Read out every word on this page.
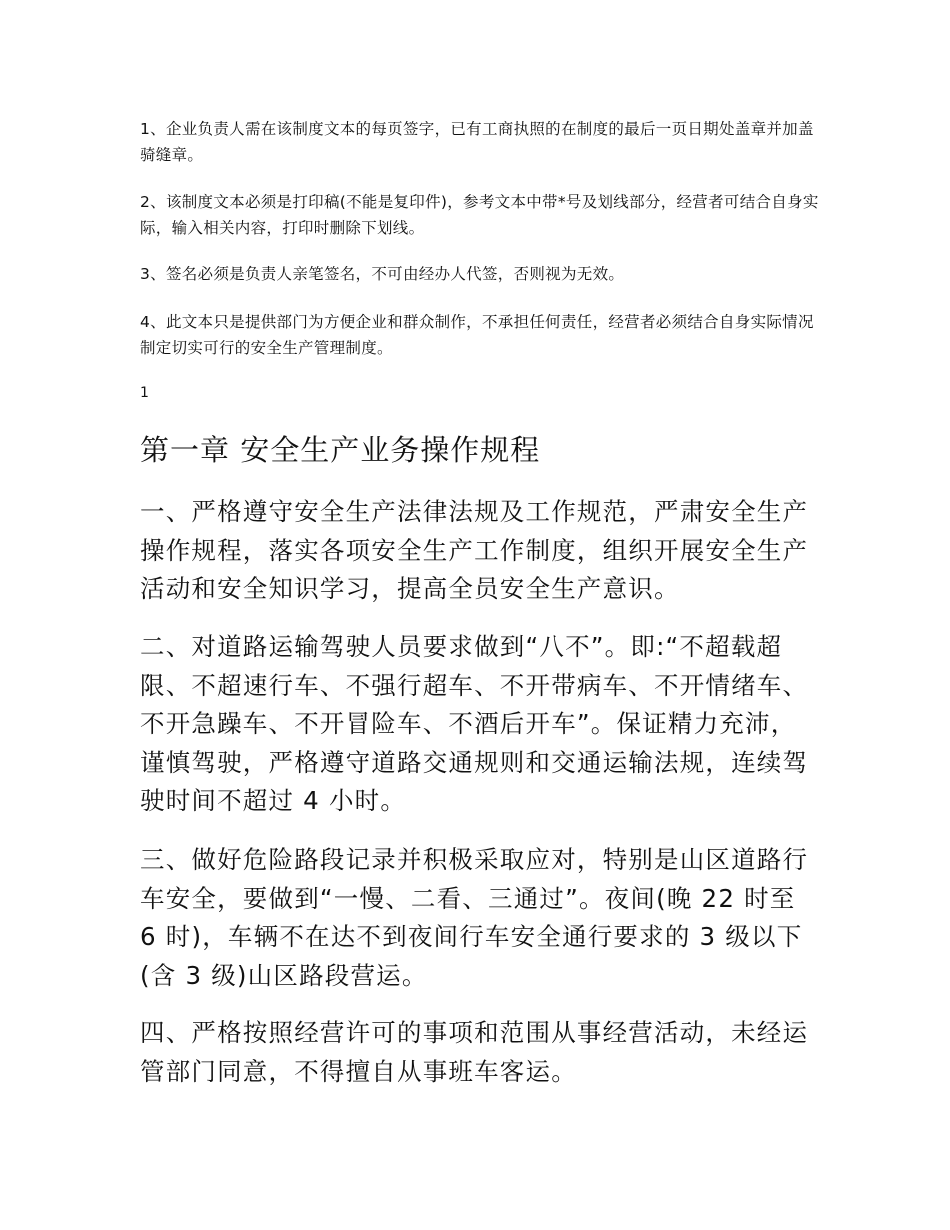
1、企业负责人需在该制度文本的每页签字，已有工商执照的在制度的最后一页日期处盖章并加盖骑缝章。

2、该制度文本必须是打印稿(不能是复印件)，参考文本中带*号及划线部分，经营者可结合自身实际，输入相关内容，打印时删除下划线。

3、签名必须是负责人亲笔签名，不可由经办人代签，否则视为无效。

4、此文本只是提供部门为方便企业和群众制作，不承担任何责任，经营者必须结合自身实际情况制定切实可行的安全生产管理制度。

1

第一章 安全生产业务操作规程

一、严格遵守安全生产法律法规及工作规范，严肃安全生产操作规程，落实各项安全生产工作制度，组织开展安全生产活动和安全知识学习，提高全员安全生产意识。

二、对道路运输驾驶人员要求做到“八不”。即:“不超载超限、不超速行车、不强行超车、不开带病车、不开情绪车、不开急躁车、不开冒险车、不酒后开车”。保证精力充沛，谨慎驾驶，严格遵守道路交通规则和交通运输法规，连续驾驶时间不超过 4 小时。

三、做好危险路段记录并积极采取应对，特别是山区道路行车安全，要做到“一慢、二看、三通过”。夜间(晚 22 时至 6 时)，车辆不在达不到夜间行车安全通行要求的 3 级以下(含 3 级)山区路段营运。

四、严格按照经营许可的事项和范围从事经营活动，未经运管部门同意，不得擅自从事班车客运。
